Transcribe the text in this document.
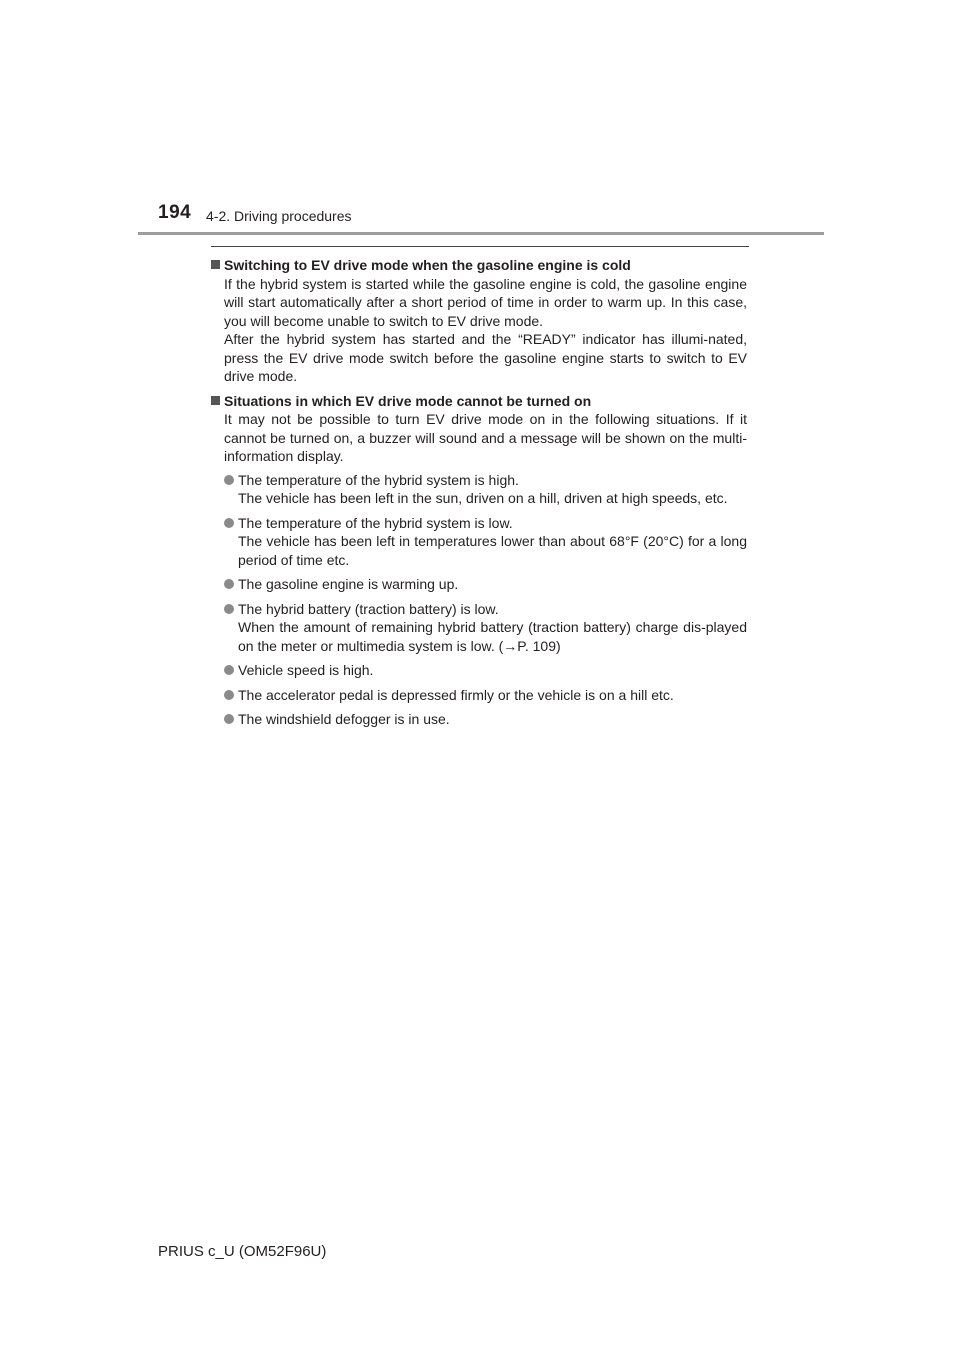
194 4-2. Driving procedures

Switching to EV drive mode when the gasoline engine is cold

If the hybrid system is started while the gasoline engine is cold, the gasoline engine will start automatically after a short period of time in order to warm up. In this case, you will become unable to switch to EV drive mode.

After the hybrid system has started and the “READY” indicator has illumi-nated, press the EV drive mode switch before the gasoline engine starts to switch to EV drive mode.

Situations in which EV drive mode cannot be turned on

It may not be possible to turn EV drive mode on in the following situations. If it cannot be turned on, a buzzer will sound and a message will be shown on the multi-information display.

The temperature of the hybrid system is high.
The vehicle has been left in the sun, driven on a hill, driven at high speeds, etc.
The temperature of the hybrid system is low.
The vehicle has been left in temperatures lower than about 68°F (20°C) for a long period of time etc.
The gasoline engine is warming up.
The hybrid battery (traction battery) is low.
When the amount of remaining hybrid battery (traction battery) charge dis-played on the meter or multimedia system is low. (→P. 109)
Vehicle speed is high.
The accelerator pedal is depressed firmly or the vehicle is on a hill etc.
The windshield defogger is in use.
PRIUS c_U (OM52F96U)
